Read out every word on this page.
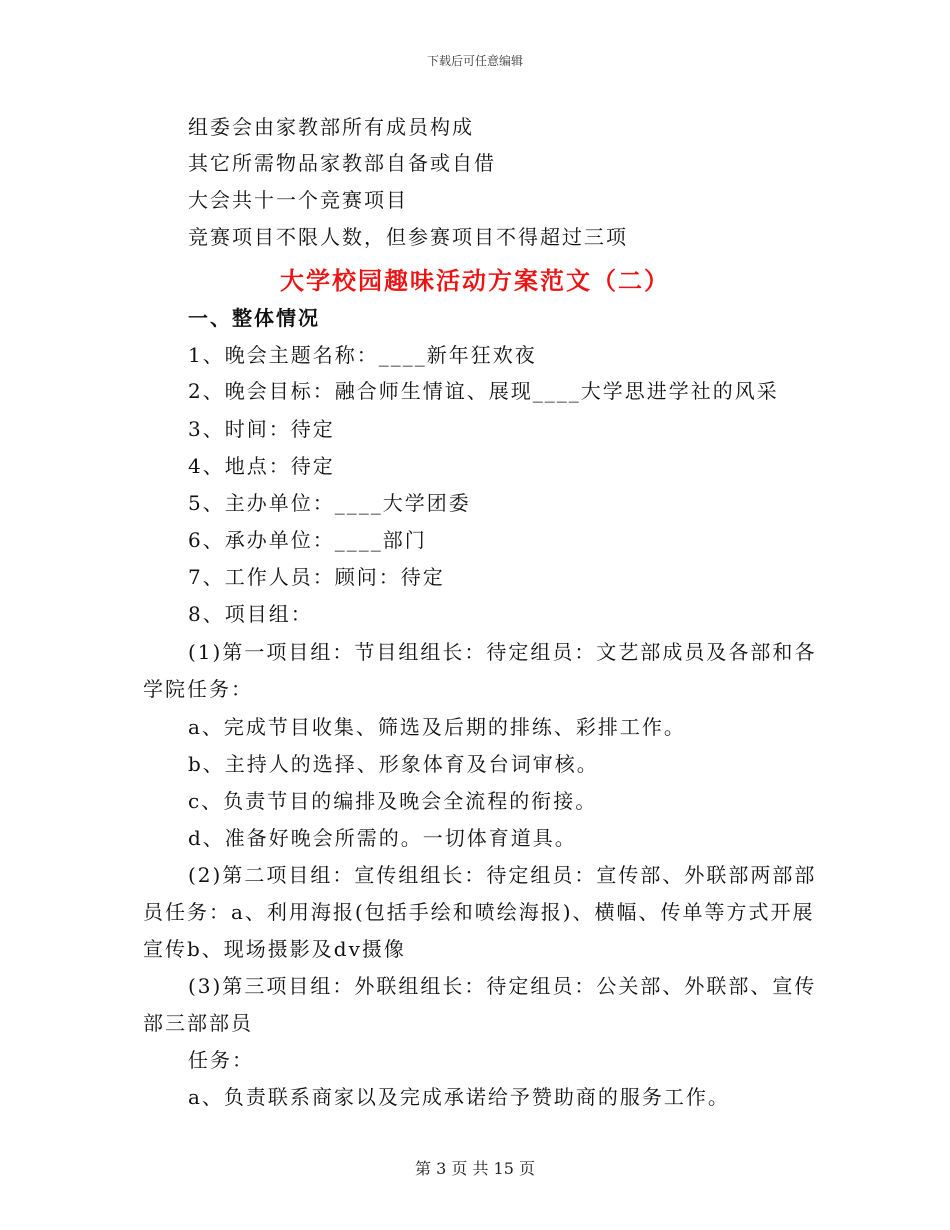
下载后可任意编辑
组委会由家教部所有成员构成
其它所需物品家教部自备或自借
大会共十一个竞赛项目
竞赛项目不限人数，但参赛项目不得超过三项
大学校园趣味活动方案范文（二）
一、整体情况
1、晚会主题名称：____新年狂欢夜
2、晚会目标：融合师生情谊、展现____大学思进学社的风采
3、时间：待定
4、地点：待定
5、主办单位：____大学团委
6、承办单位：____部门
7、工作人员：顾问：待定
8、项目组：
(1)第一项目组：节目组组长：待定组员：文艺部成员及各部和各
学院任务：
a、完成节目收集、筛选及后期的排练、彩排工作。
b、主持人的选择、形象体育及台词审核。
c、负责节目的编排及晚会全流程的衔接。
d、准备好晚会所需的。一切体育道具。
(2)第二项目组：宣传组组长：待定组员：宣传部、外联部两部部
员任务：a、利用海报(包括手绘和喷绘海报)、横幅、传单等方式开展
宣传b、现场摄影及dv摄像
(3)第三项目组：外联组组长：待定组员：公关部、外联部、宣传
部三部部员
任务：
a、负责联系商家以及完成承诺给予赞助商的服务工作。
第 3 页 共 15 页
